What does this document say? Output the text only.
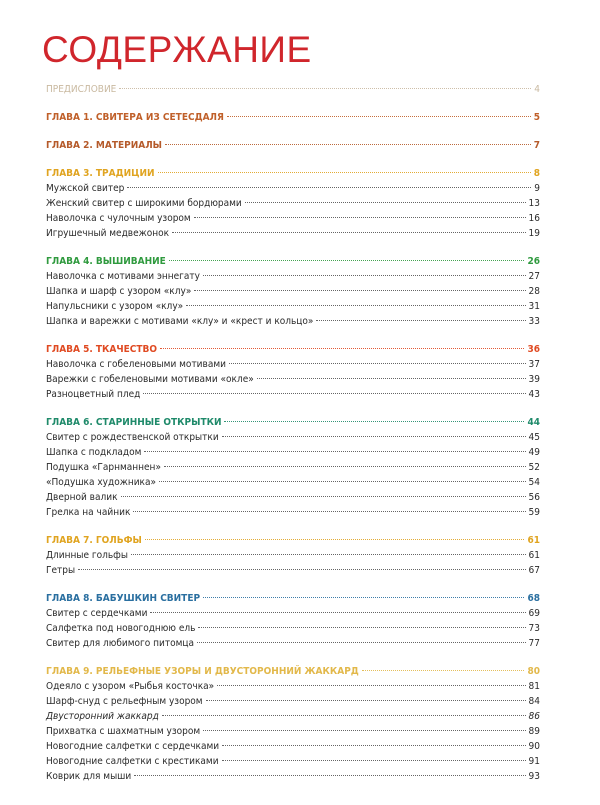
СОДЕРЖАНИЕ
ПРЕДИСЛОВИЕ	4
ГЛАВА 1. СВИТЕРА ИЗ СЕТЕСДАЛЯ	5
ГЛАВА 2. МАТЕРИАЛЫ	7
ГЛАВА 3. ТРАДИЦИИ	8
Мужской свитер	9
Женский свитер с широкими бордюрами	13
Наволочка с чулочным узором	16
Игрушечный медвежонок	19
ГЛАВА 4. ВЫШИВАНИЕ	26
Наволочка с мотивами эннегату	27
Шапка и шарф с узором «клу»	28
Напульсники с узором «клу»	31
Шапка и варежки с мотивами «клу» и «крест и кольцо»	33
ГЛАВА 5. ТКАЧЕСТВО	36
Наволочка с гобеленовыми мотивами	37
Варежки с гобеленовыми мотивами «окле»	39
Разноцветный плед	43
ГЛАВА 6. СТАРИННЫЕ ОТКРЫТКИ	44
Свитер с рождественской открытки	45
Шапка с подкладом	49
Подушка «Гарнманнен»	52
«Подушка художника»	54
Дверной валик	56
Грелка на чайник	59
ГЛАВА 7. ГОЛЬФЫ	61
Длинные гольфы	61
Гетры	67
ГЛАВА 8. БАБУШКИН СВИТЕР	68
Свитер с сердечками	69
Салфетка под новогоднюю ель	73
Свитер для любимого питомца	77
ГЛАВА 9. РЕЛЬЕФНЫЕ УЗОРЫ И ДВУСТОРОННИЙ ЖАККАРД	80
Одеяло с узором «Рыбья косточка»	81
Шарф-снуд с рельефным узором	84
Двусторонний жаккард	86
Прихватка с шахматным узором	89
Новогодние салфетки с сердечками	90
Новогодние салфетки с крестиками	91
Коврик для мыши	93
